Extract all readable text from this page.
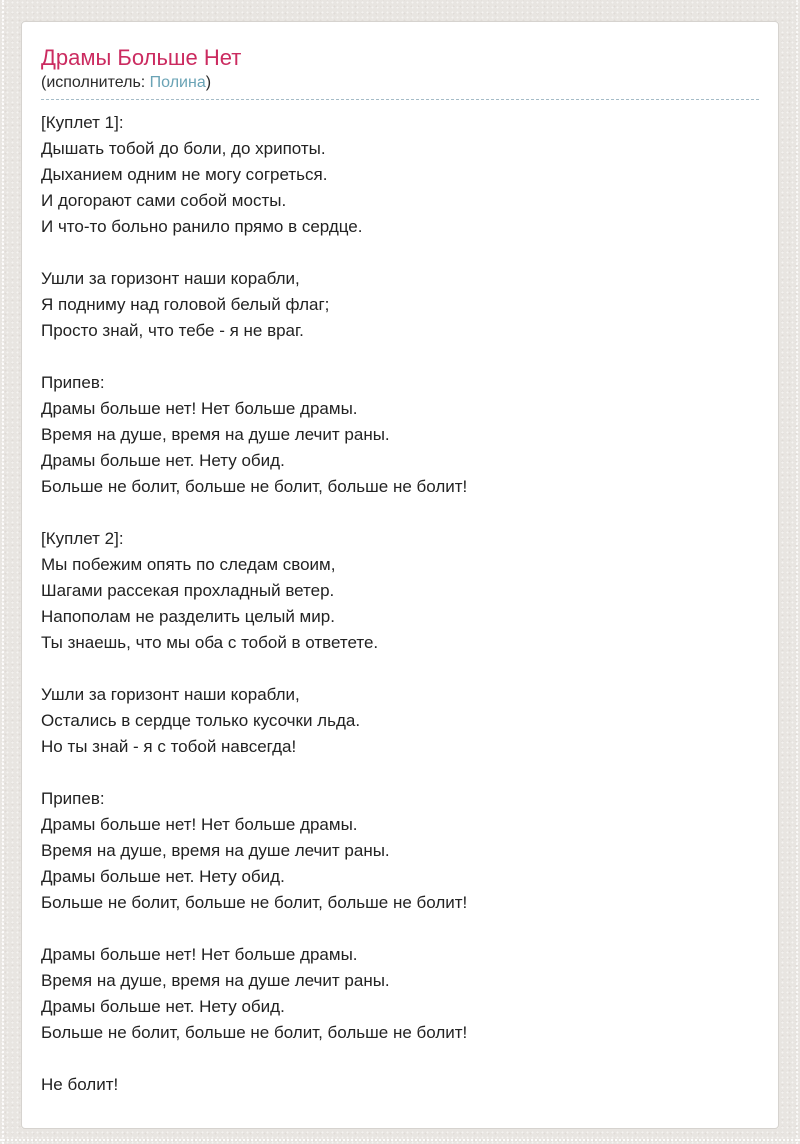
Драмы Больше Нет
(исполнитель: Полина)
[Куплет 1]:
Дышать тобой до боли, до хрипоты.
Дыханием одним не могу согреться.
И догорают сами собой мосты.
И что-то больно ранило прямо в сердце.
Ушли за горизонт наши корабли,
Я подниму над головой белый флаг;
Просто знай, что тебе - я не враг.
Припев:
Драмы больше нет! Нет больше драмы.
Время на душе, время на душе лечит раны.
Драмы больше нет. Нету обид.
Больше не болит, больше не болит, больше не болит!
[Куплет 2]:
Мы побежим опять по следам своим,
Шагами рассекая прохладный ветер.
Напополам не разделить целый мир.
Ты знаешь, что мы оба с тобой в ответете.
Ушли за горизонт наши корабли,
Остались в сердце только кусочки льда.
Но ты знай - я с тобой навсегда!
Припев:
Драмы больше нет! Нет больше драмы.
Время на душе, время на душе лечит раны.
Драмы больше нет. Нету обид.
Больше не болит, больше не болит, больше не болит!
Драмы больше нет! Нет больше драмы.
Время на душе, время на душе лечит раны.
Драмы больше нет. Нету обид.
Больше не болит, больше не болит, больше не болит!
Не болит!
